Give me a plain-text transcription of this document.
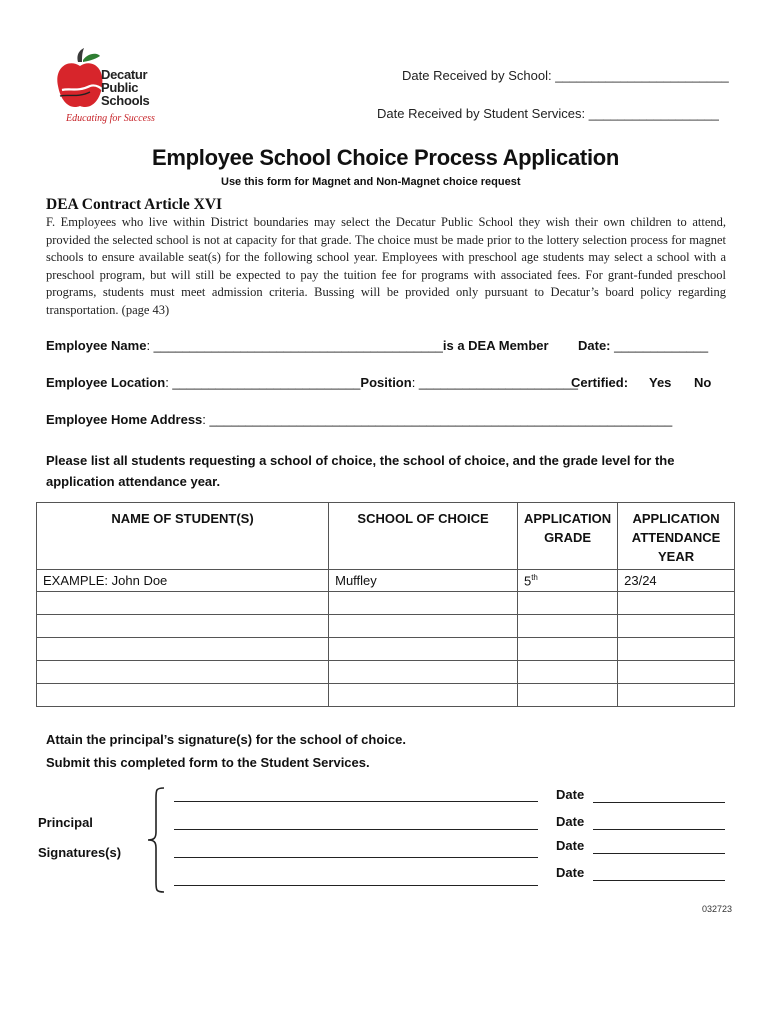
Decatur
Public
Schools
Educating for Success
Date Received by School: ________________________
Date Received by Student Services: __________________
Employee School Choice Process Application
Use this form for Magnet and Non-Magnet choice request
DEA Contract Article XVI
F. Employees who live within District boundaries may select the Decatur Public School they wish their own children to attend, provided the selected school is not at capacity for that grade. The choice must be made prior to the lottery selection process for magnet schools to ensure available seat(s) for the following school year. Employees with preschool age students may select a school with a preschool program, but will still be expected to pay the tuition fee for programs with associated fees. For grant-funded preschool programs, students must meet admission criteria. Bussing will be provided only pursuant to Decatur’s board policy regarding transportation. (page 43)
Employee Name: ________________________________________is a DEA Member Date: _____________
Employee Location: __________________________Position: ______________________
Certified: Yes No
Employee Home Address: ________________________________________________________________
Please list all students requesting a school of choice, the school of choice, and the grade level for the application attendance year.
NAME OF STUDENT(S)	SCHOOL OF CHOICE	APPLICATION GRADE	APPLICATION ATTENDANCE YEAR
EXAMPLE: John Doe	Muffley	5th	23/24

Attain the principal’s signature(s) for the school of choice.
Submit this completed form to the Student Services.
Principal
Signatures(s)
Date
Date
Date
Date
032723
